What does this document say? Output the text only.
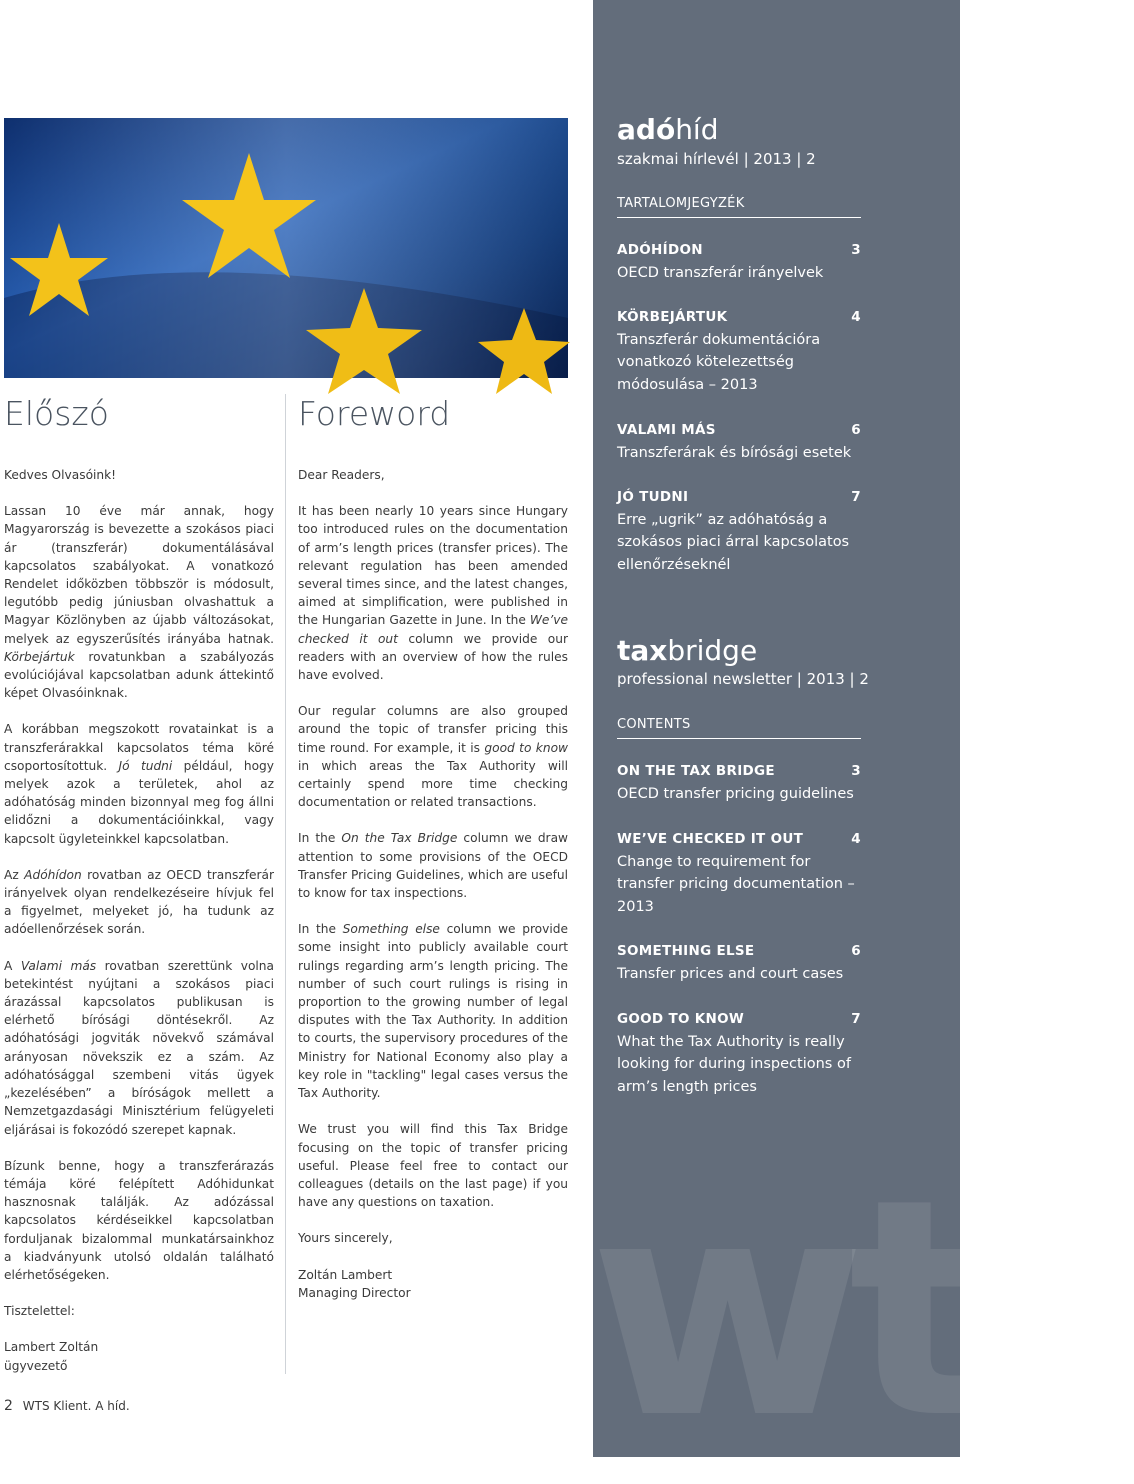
Előszó	Foreword

Kedves Olvasóink!

Lassan 10 éve már annak, hogy Magyarország is bevezette a szokásos piaci ár (transzferár) dokumentálásával kapcsolatos szabályokat. A vonatkozó Rendelet időközben többször is módosult, legutóbb pedig júniusban olvashattuk a Magyar Közlönyben az újabb változásokat, melyek az egyszerűsítés irányába hatnak. Körbejártuk rovatunkban a szabályozás evolúciójával kapcsolatban adunk áttekintő képet Olvasóinknak.

A korábban megszokott rovatainkat is a transzferárakkal kapcsolatos téma köré csoportosítottuk. Jó tudni például, hogy melyek azok a területek, ahol az adóhatóság minden bizonnyal meg fog állni elidőzni a dokumentációinkkal, vagy kapcsolt ügyleteinkkel kapcsolatban.

Az Adóhídon rovatban az OECD transzferár irányelvek olyan rendelkezéseire hívjuk fel a figyelmet, melyeket jó, ha tudunk az adóellenőrzések során.

A Valami más rovatban szerettünk volna betekintést nyújtani a szokásos piaci árazással kapcsolatos publikusan is elérhető bírósági döntésekről. Az adóhatósági jogviták növekvő számával arányosan növekszik ez a szám. Az adóhatósággal szembeni vitás ügyek „kezelésében” a bíróságok mellett a Nemzetgazdasági Minisztérium felügyeleti eljárásai is fokozódó szerepet kapnak.

Bízunk benne, hogy a transzferárazás témája köré felépített Adóhidunkat hasznosnak találják. Az adózással kapcsolatos kérdéseikkel kapcsolatban forduljanak bizalommal munkatársainkhoz a kiadványunk utolsó oldalán található elérhetőségeken.

Tisztelettel:

Lambert Zoltán
ügyvezető

Dear Readers,

It has been nearly 10 years since Hungary too introduced rules on the documentation of arm’s length prices (transfer prices). The relevant regulation has been amended several times since, and the latest changes, aimed at simplification, were published in the Hungarian Gazette in June. In the We’ve checked it out column we provide our readers with an overview of how the rules have evolved.

Our regular columns are also grouped around the topic of transfer pricing this time round. For example, it is good to know in which areas the Tax Authority will certainly spend more time checking documentation or related transactions.

In the On the Tax Bridge column we draw attention to some provisions of the OECD Transfer Pricing Guidelines, which are useful to know for tax inspections.

In the Something else column we provide some insight into publicly available court rulings regarding arm’s length pricing. The number of such court rulings is rising in proportion to the growing number of legal disputes with the Tax Authority. In addition to courts, the supervisory procedures of the Ministry for National Economy also play a key role in "tackling" legal cases versus the Tax Authority.

We trust you will find this Tax Bridge focusing on the topic of transfer pricing useful. Please feel free to contact our colleagues (details on the last page) if you have any questions on taxation.

Yours sincerely,

Zoltán Lambert
Managing Director
2 WTS Klient. A híd. wts
adóhíd
szakmai hírlevél | 2013 | 2
TARTALOMJEGYZÉK
ADÓHÍDON	3
OECD transzferár irányelvek
KÖRBEJÁRTUK	4
Transzferár dokumentációra vonatkozó kötelezettség módosulása – 2013
VALAMI MÁS	6
Transzferárak és bírósági esetek
JÓ TUDNI	7
Erre „ugrik” az adóhatóság a szokásos piaci árral kapcsolatos ellenőrzéseknél
taxbridge
professional newsletter | 2013 | 2
CONTENTS
ON THE TAX BRIDGE	3
OECD transfer pricing guidelines
WE’VE CHECKED IT OUT	4
Change to requirement for transfer pricing documentation – 2013
SOMETHING ELSE	6
Transfer prices and court cases
GOOD TO KNOW	7
What the Tax Authority is really looking for during inspections of arm’s length prices
